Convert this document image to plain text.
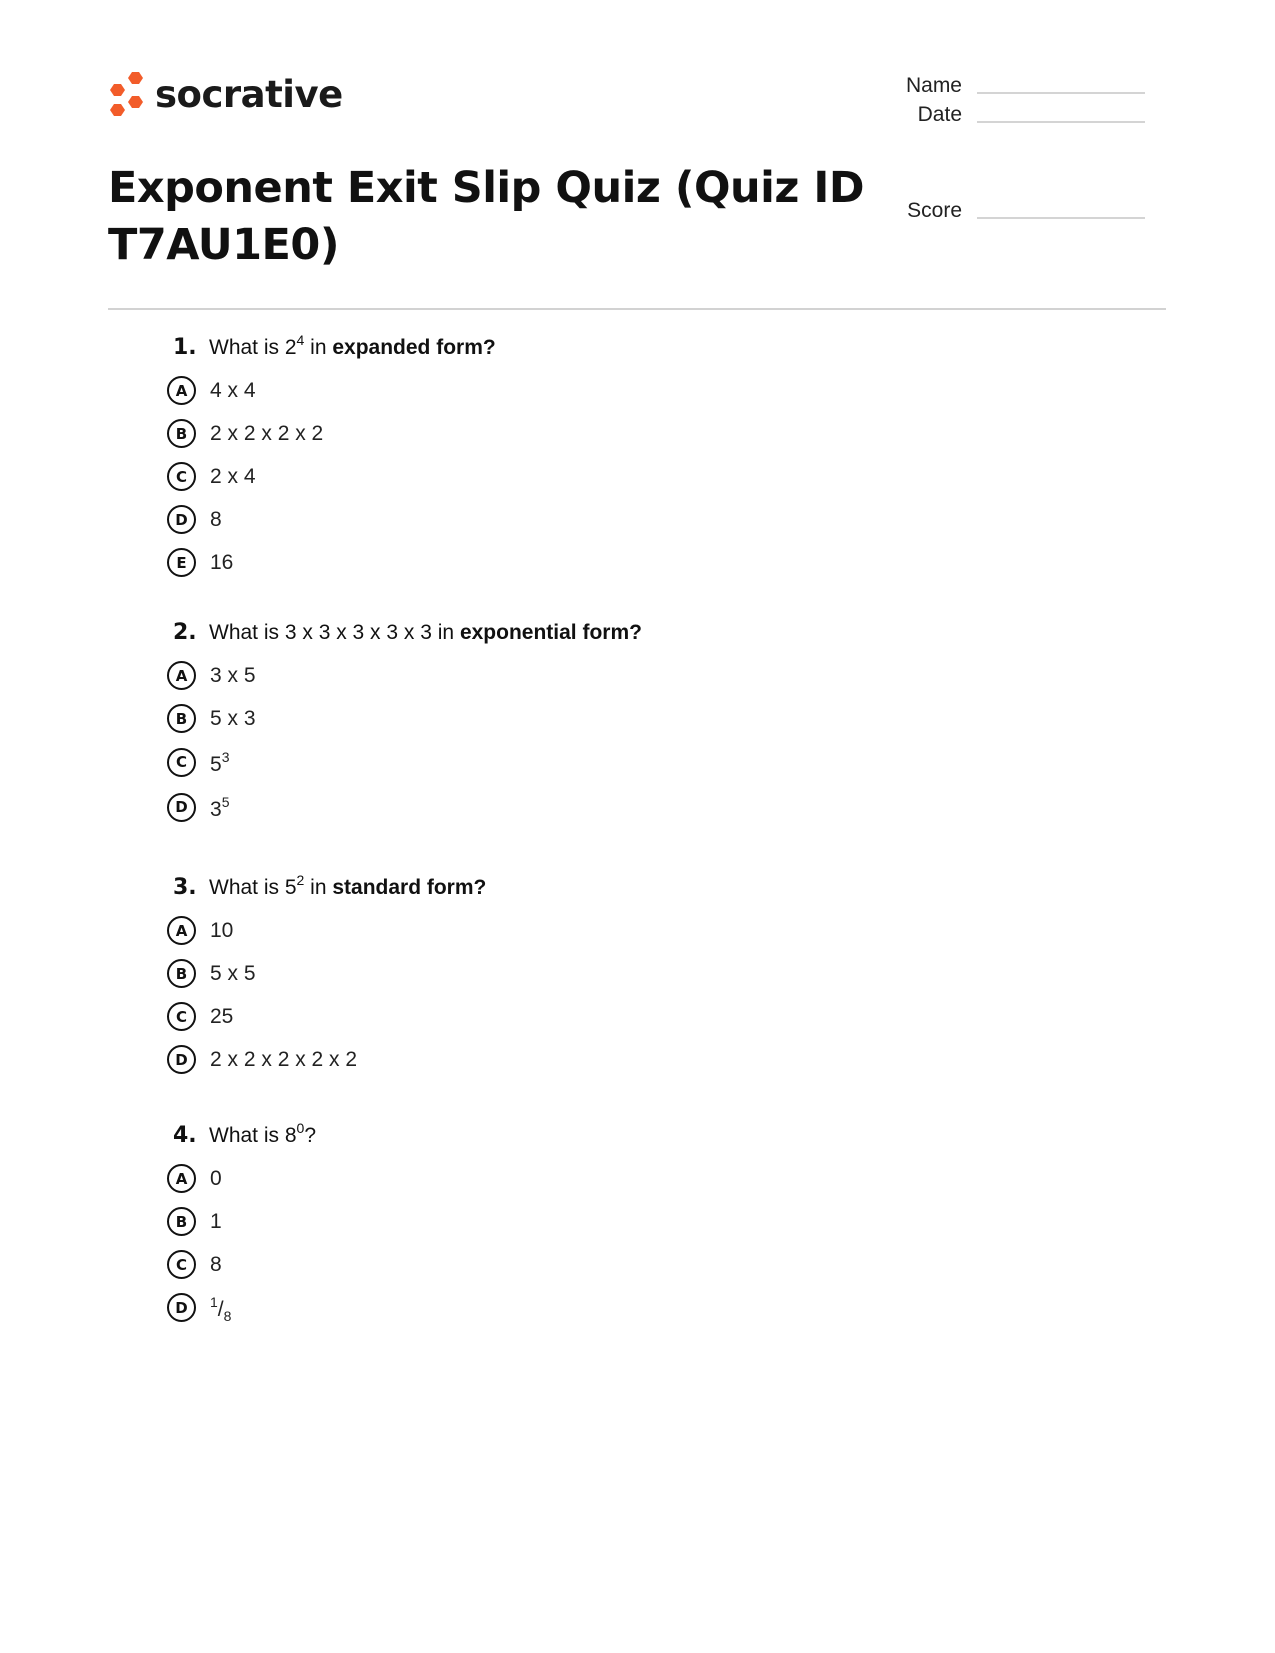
socrative	Name
Date
Score
Exponent Exit Slip Quiz (Quiz ID T7AU1E0)
1. What is $2^4$ in expanded form?
A	4 x 4
B	2 x 2 x 2 x 2
C	2 x 4
D	8
E	16
2. What is 3 x 3 x 3 x 3 x 3 in exponential form?
A	3 x 5
B	5 x 3
C	$5^3$
D	$3^5$
3. What is $5^2$ in standard form?
A	10
B	5 x 5
C	25
D	2 x 2 x 2 x 2 x 2
4. What is $8^0$?
A	0
B	1
C	8
D	$^1/_8$
